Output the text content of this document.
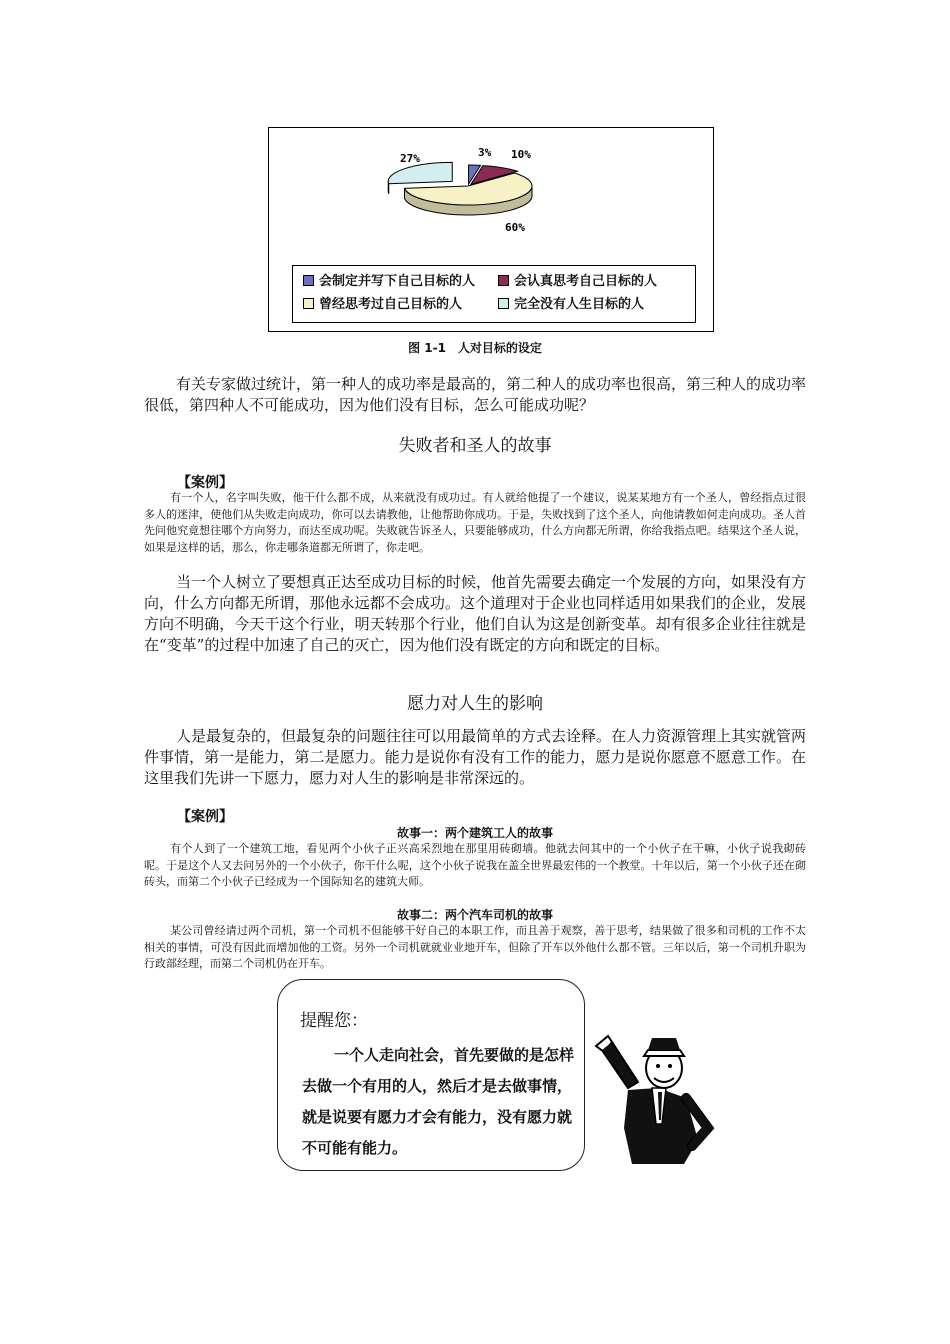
3% 10%
60%
27%
会制定并写下自己目标的人	会认真思考自己目标的人
曾经思考过自己目标的人	完全没有人生目标的人
图 1-1　人对目标的设定
有关专家做过统计，第一种人的成功率是最高的，第二种人的成功率也很高，第三种人的成功率很低，第四种人不可能成功，因为他们没有目标，怎么可能成功呢？
失败者和圣人的故事
【案例】
有一个人，名字叫失败，他干什么都不成，从来就没有成功过。有人就给他提了一个建议，说某某地方有一个圣人，曾经指点过很多人的迷津，使他们从失败走向成功，你可以去请教他，让他帮助你成功。于是，失败找到了这个圣人，向他请教如何走向成功。圣人首先问他究竟想往哪个方向努力，而达至成功呢。失败就告诉圣人，只要能够成功，什么方向都无所谓，你给我指点吧。结果这个圣人说，如果是这样的话，那么，你走哪条道都无所谓了，你走吧。
当一个人树立了要想真正达至成功目标的时候，他首先需要去确定一个发展的方向，如果没有方向，什么方向都无所谓，那他永远都不会成功。这个道理对于企业也同样适用如果我们的企业，发展方向不明确，今天干这个行业，明天转那个行业，他们自认为这是创新变革。却有很多企业往往就是在“变革”的过程中加速了自己的灭亡，因为他们没有既定的方向和既定的目标。
愿力对人生的影响
人是最复杂的，但最复杂的问题往往可以用最简单的方式去诠释。在人力资源管理上其实就管两件事情，第一是能力，第二是愿力。能力是说你有没有工作的能力，愿力是说你愿意不愿意工作。在这里我们先讲一下愿力，愿力对人生的影响是非常深远的。
【案例】
故事一：两个建筑工人的故事
有个人到了一个建筑工地，看见两个小伙子正兴高采烈地在那里用砖砌墙。他就去问其中的一个小伙子在干嘛，小伙子说我砌砖呢。于是这个人又去问另外的一个小伙子，你干什么呢，这个小伙子说我在盖全世界最宏伟的一个教堂。十年以后，第一个小伙子还在砌砖头，而第二个小伙子已经成为一个国际知名的建筑大师。
故事二：两个汽车司机的故事
某公司曾经请过两个司机，第一个司机不但能够干好自己的本职工作，而且善于观察，善于思考，结果做了很多和司机的工作不太相关的事情，可没有因此而增加他的工资。另外一个司机就就业业地开车，但除了开车以外他什么都不管。三年以后，第一个司机升职为行政部经理，而第二个司机仍在开车。
提醒您：
一个人走向社会，首先要做的是怎样去做一个有用的人，然后才是去做事情，就是说要有愿力才会有能力，没有愿力就不可能有能力。
